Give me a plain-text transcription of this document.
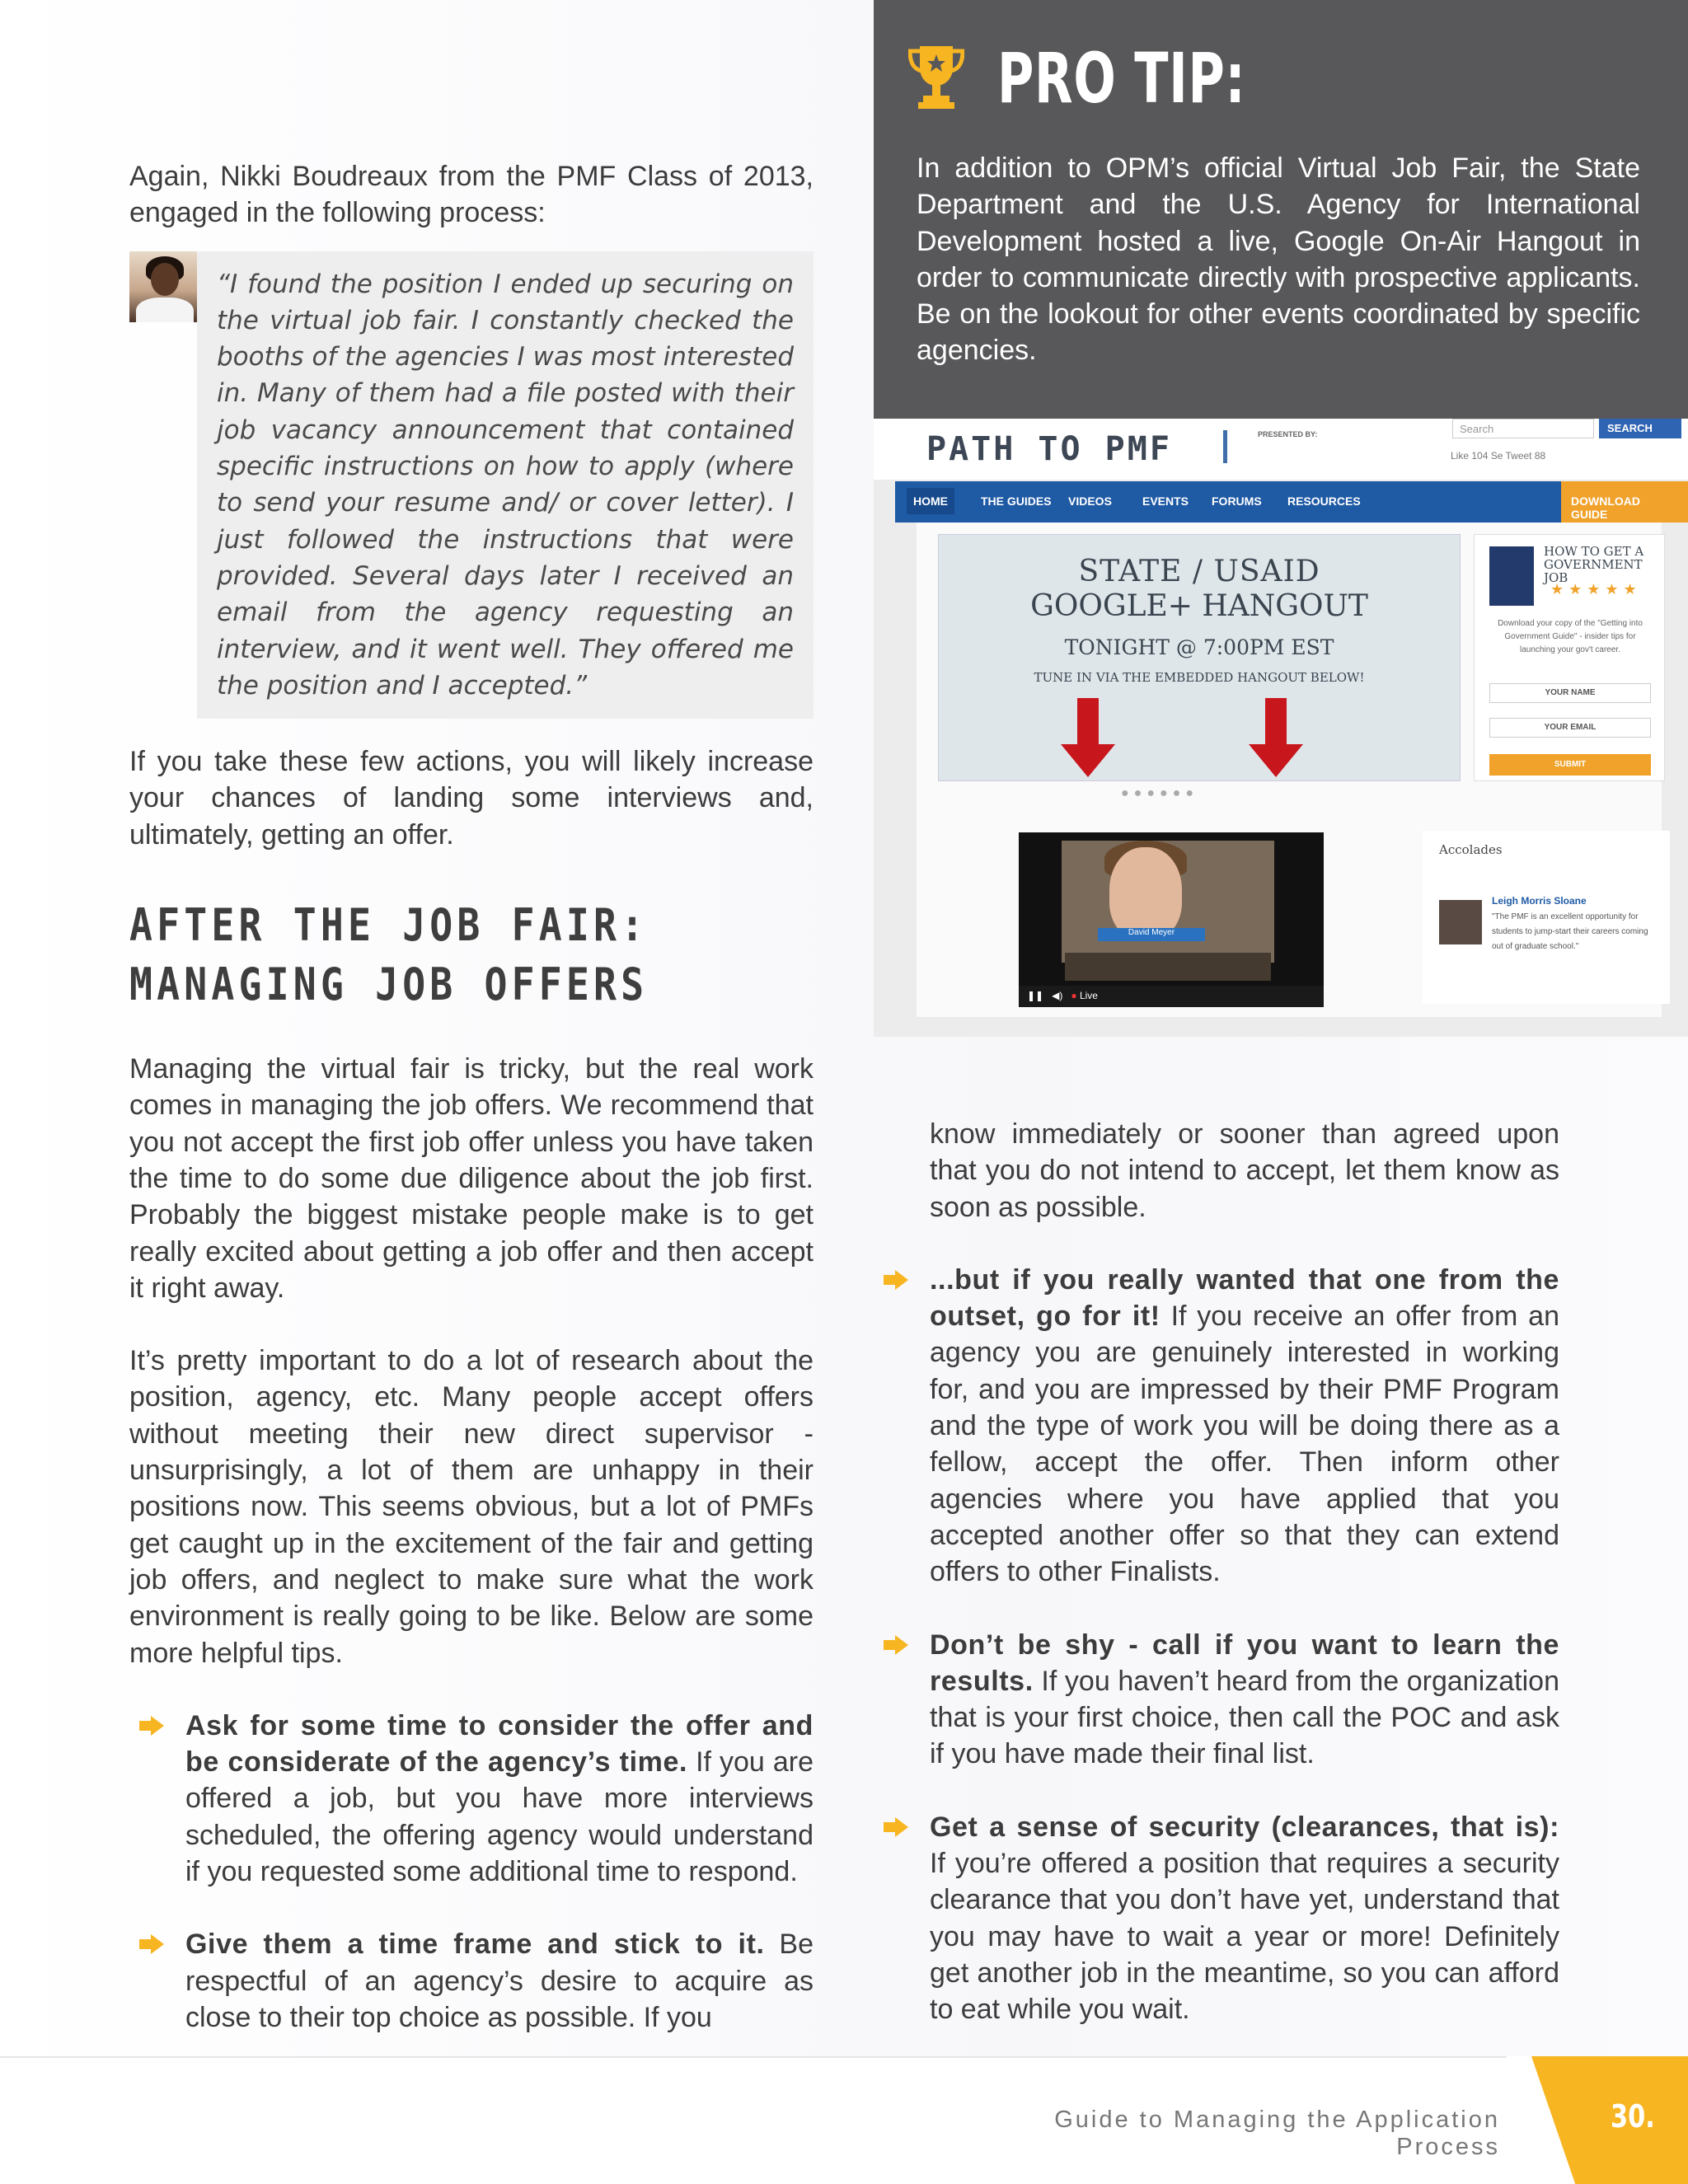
Again, Nikki Boudreaux from the PMF Class of 2013, engaged in the following process:

“I found the position I ended up securing on the virtual job fair. I constantly checked the booths of the agencies I was most interested in. Many of them had a file posted with their job vacancy announcement that contained specific instructions on how to apply (where to send your resume and/ or cover letter). I just followed the instructions that were provided. Several days later I received an email from the agency requesting an interview, and it went well. They offered me the position and I accepted.”

If you take these few actions, you will likely increase your chances of landing some interviews and, ultimately, getting an offer.

AFTER THE JOB FAIR: MANAGING JOB OFFERS

Managing the virtual fair is tricky, but the real work comes in managing the job offers. We recommend that you not accept the first job offer unless you have taken the time to do some due diligence about the job first. Probably the biggest mistake people make is to get really excited about getting a job offer and then accept it right away.

It’s pretty important to do a lot of research about the position, agency, etc. Many people accept offers without meeting their new direct supervisor - unsurprisingly, a lot of them are unhappy in their positions now. This seems obvious, but a lot of PMFs get caught up in the excitement of the fair and getting job offers, and neglect to make sure what the work environment is really going to be like. Below are some more helpful tips.

Ask for some time to consider the offer and be considerate of the agency’s time. If you are offered a job, but you have more interviews scheduled, the offering agency would understand if you requested some additional time to respond.
Give them a time frame and stick to it. Be respectful of an agency’s desire to acquire as close to their top choice as possible. If you
PRO TIP:

In addition to OPM’s official Virtual Job Fair, the State Department and the U.S. Agency for International Development hosted a live, Google On-Air Hangout in order to communicate directly with prospective applicants. Be on the lookout for other events coordinated by specific agencies.

PATH TO PMF	PRESENTED BY:	Search	SEARCH
Like 104 Se Tweet 88
HOME	THE GUIDES VIDEOS	EVENTS FORUMS RESOURCES	DOWNLOAD GUIDE
STATE / USAID
GOOGLE+ HANGOUT
TONIGHT @ 7:00PM EST
TUNE IN VIA THE EMBEDDED HANGOUT BELOW!
●●●●●●
HOW TO GET A GOVERNMENT JOB
★★★★★
Download your copy of the "Getting into Government Guide" - insider tips for launching your gov't career.
YOUR NAME
YOUR EMAIL
SUBMIT
David Meyer
❚❚   ◀)   ● Live
Accolades
Leigh Morris Sloane
"The PMF is an excellent opportunity for students to jump-start their careers coming out of graduate school."

know immediately or sooner than agreed upon that you do not intend to accept, let them know as soon as possible.

...but if you really wanted that one from the outset, go for it! If you receive an offer from an agency you are genuinely interested in working for, and you are impressed by their PMF Program and the type of work you will be doing there as a fellow, accept the offer. Then inform other agencies where you have applied that you accepted another offer so that they can extend offers to other Finalists.
Don’t be shy - call if you want to learn the results. If you haven’t heard from the organization that is your first choice, then call the POC and ask if you have made their final list.
Get a sense of security (clearances, that is): If you’re offered a position that requires a security clearance that you don’t have yet, understand that you may have to wait a year or more! Definitely get another job in the meantime, so you can afford to eat while you wait.
Guide to Managing the Application Process
30.
